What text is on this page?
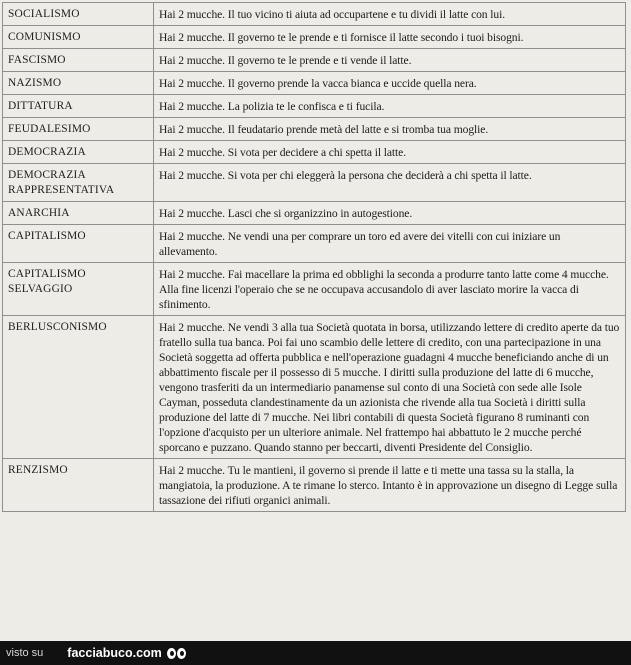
SOCIALISMO	Hai 2 mucche. Il tuo vicino ti aiuta ad occupartene e tu dividi il latte con lui.
COMUNISMO	Hai 2 mucche. Il governo te le prende e ti fornisce il latte secondo i tuoi bisogni.
FASCISMO	Hai 2 mucche. Il governo te le prende e ti vende il latte.
NAZISMO	Hai 2 mucche. Il governo prende la vacca bianca e uccide quella nera.
DITTATURA	Hai 2 mucche. La polizia te le confisca e ti fucila.
FEUDALESIMO	Hai 2 mucche. Il feudatario prende metà del latte e si tromba tua moglie.
DEMOCRAZIA	Hai 2 mucche. Si vota per decidere a chi spetta il latte.
DEMOCRAZIA RAPPRESENTATIVA	Hai 2 mucche. Si vota per chi eleggerà la persona che deciderà a chi spetta il latte.
ANARCHIA	Hai 2 mucche. Lasci che si organizzino in autogestione.
CAPITALISMO	Hai 2 mucche. Ne vendi una per comprare un toro ed avere dei vitelli con cui iniziare un allevamento.
CAPITALISMO SELVAGGIO	Hai 2 mucche. Fai macellare la prima ed obblighi la seconda a produrre tanto latte come 4 mucche. Alla fine licenzi l'operaio che se ne occupava accusandolo di aver lasciato morire la vacca di sfinimento.
BERLUSCONISMO	Hai 2 mucche. Ne vendi 3 alla tua Società quotata in borsa, utilizzando lettere di credito aperte da tuo fratello sulla tua banca. Poi fai uno scambio delle lettere di credito, con una partecipazione in una Società soggetta ad offerta pubblica e nell'operazione guadagni 4 mucche beneficiando anche di un abbattimento fiscale per il possesso di 5 mucche. I diritti sulla produzione del latte di 6 mucche, vengono trasferiti da un intermediario panamense sul conto di una Società con sede alle Isole Cayman, posseduta clandestinamente da un azionista che rivende alla tua Società i diritti sulla produzione del latte di 7 mucche. Nei libri contabili di questa Società figurano 8 ruminanti con l'opzione d'acquisto per un ulteriore animale. Nel frattempo hai abbattuto le 2 mucche perché sporcano e puzzano. Quando stanno per beccarti, diventi Presidente del Consiglio.
RENZISMO	Hai 2 mucche. Tu le mantieni, il governo si prende il latte e ti mette una tassa su la stalla, la mangiatoia, la produzione. A te rimane lo sterco. Intanto è in approvazione un disegno di Legge sulla tassazione dei rifiuti organici animali.
visto su facciabuco.com
